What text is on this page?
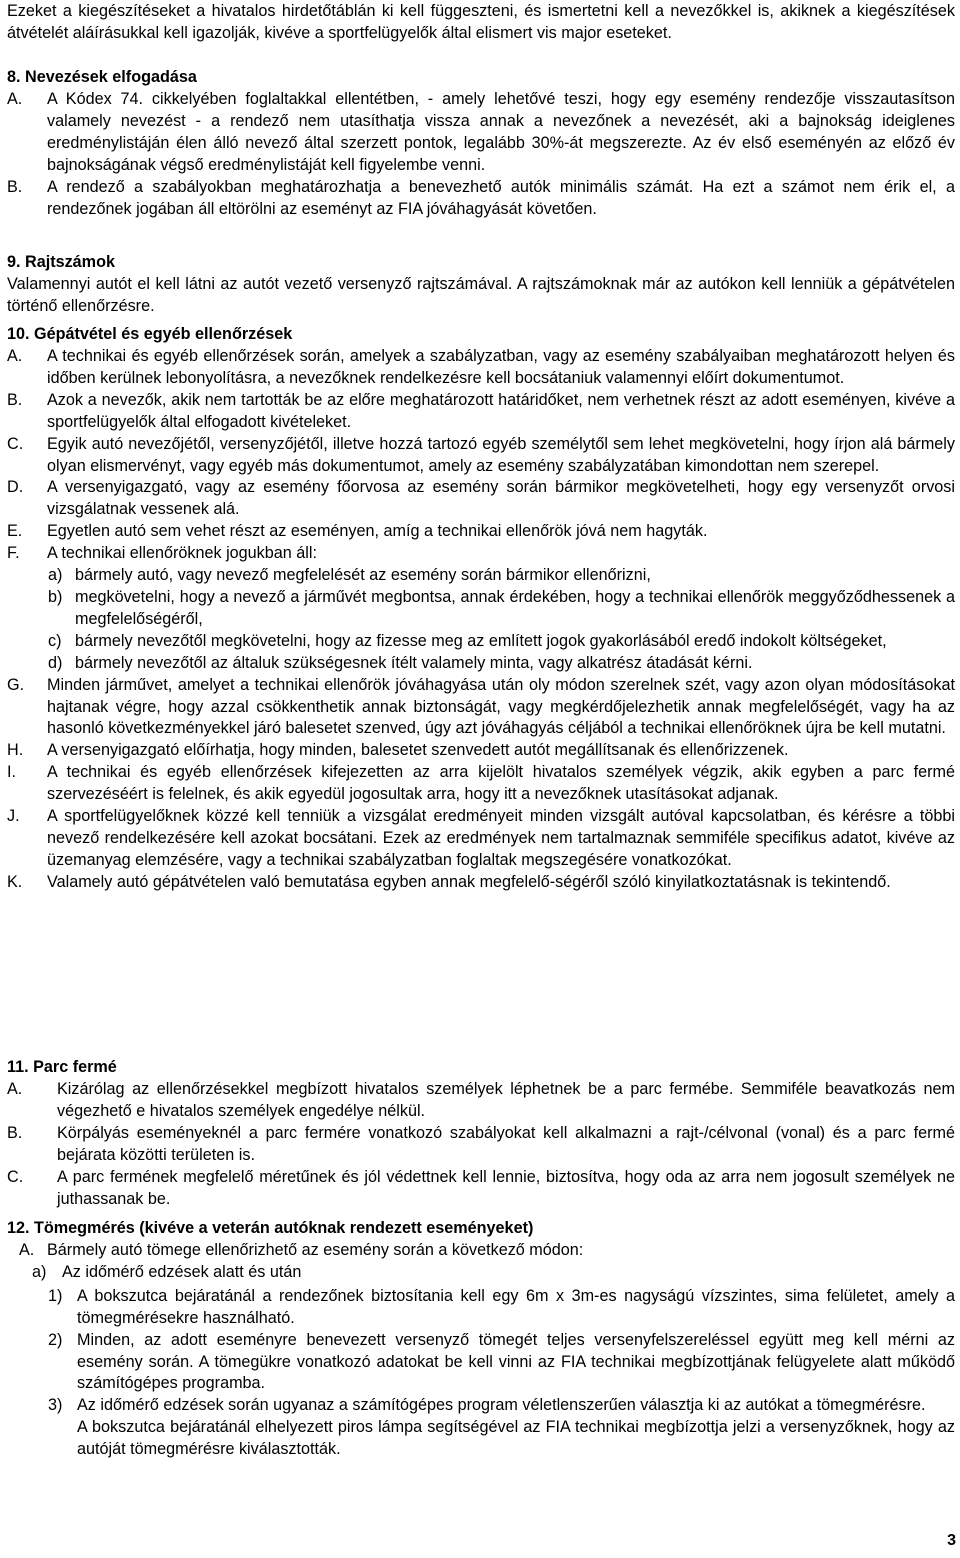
Ezeket a kiegészítéseket a hivatalos hirdetőtáblán ki kell függeszteni, és ismertetni kell a nevezőkkel is, akiknek a kiegészítések átvételét aláírásukkal kell igazolják, kivéve a sportfelügyelők által elismert vis major eseteket.
8. Nevezések elfogadása
A. A Kódex 74. cikkelyében foglaltakkal ellentétben, - amely lehetővé teszi, hogy egy esemény rendezője visszautasítson valamely nevezést - a rendező nem utasíthatja vissza annak a nevezőnek a nevezését, aki a bajnokság ideiglenes eredménylistáján élen álló nevező által szerzett pontok, legalább 30%-át megszerezte. Az év első eseményén az előző év bajnokságának végső eredménylistáját kell figyelembe venni.
B. A rendező a szabályokban meghatározhatja a benevezhető autók minimális számát. Ha ezt a számot nem érik el, a rendezőnek jogában áll eltörölni az eseményt az FIA jóváhagyását követően.
9. Rajtszámok
Valamennyi autót el kell látni az autót vezető versenyző rajtszámával. A rajtszámoknak már az autókon kell lenniük a gépátvételen történő ellenőrzésre.
10. Gépátvétel és egyéb ellenőrzések
A. A technikai és egyéb ellenőrzések során, amelyek a szabályzatban, vagy az esemény szabályaiban meghatározott helyen és időben kerülnek lebonyolításra, a nevezőknek rendelkezésre kell bocsátaniuk valamennyi előírt dokumentumot.
B. Azok a nevezők, akik nem tartották be az előre meghatározott határidőket, nem verhetnek részt az adott eseményen, kivéve a sportfelügyelők által elfogadott kivételeket.
C. Egyik autó nevezőjétől, versenyzőjétől, illetve hozzá tartozó egyéb személytől sem lehet megkövetelni, hogy írjon alá bármely olyan elismervényt, vagy egyéb más dokumentumot, amely az esemény szabályzatában kimondottan nem szerepel.
D. A versenyigazgató, vagy az esemény főorvosa az esemény során bármikor megkövetelheti, hogy egy versenyzőt orvosi vizsgálatnak vessenek alá.
E. Egyetlen autó sem vehet részt az eseményen, amíg a technikai ellenőrök jóvá nem hagyták.
F. A technikai ellenőröknek jogukban áll:
a) bármely autó, vagy nevező megfelelését az esemény során bármikor ellenőrizni,
b) megkövetelni, hogy a nevező a járművét megbontsa, annak érdekében, hogy a technikai ellenőrök meggyőződhessenek a megfelelőségéről,
c) bármely nevezőtől megkövetelni, hogy az fizesse meg az említett jogok gyakorlásából eredő indokolt költségeket,
d) bármely nevezőtől az általuk szükségesnek ítélt valamely minta, vagy alkatrész átadását kérni.
G. Minden járművet, amelyet a technikai ellenőrök jóváhagyása után oly módon szerelnek szét, vagy azon olyan módosításokat hajtanak végre, hogy azzal csökkenthetik annak biztonságát, vagy megkérdőjelezhetik annak megfelelőségét, vagy ha az hasonló következményekkel járó balesetet szenved, úgy azt jóváhagyás céljából a technikai ellenőröknek újra be kell mutatni.
H. A versenyigazgató előírhatja, hogy minden, balesetet szenvedett autót megállítsanak és ellenőrizzenek.
I. A technikai és egyéb ellenőrzések kifejezetten az arra kijelölt hivatalos személyek végzik, akik egyben a parc fermé szervezéséért is felelnek, és akik egyedül jogosultak arra, hogy itt a nevezőknek utasításokat adjanak.
J. A sportfelügyelőknek közzé kell tenniük a vizsgálat eredményeit minden vizsgált autóval kapcsolatban, és kérésre a többi nevező rendelkezésére kell azokat bocsátani. Ezek az eredmények nem tartalmaznak semmiféle specifikus adatot, kivéve az üzemanyag elemzésére, vagy a technikai szabályzatban foglaltak megszegésére vonatkozókat.
K. Valamely autó gépátvételen való bemutatása egyben annak megfelelő-ségéről szóló kinyilatkoztatásnak is tekintendő.
11. Parc fermé
A. Kizárólag az ellenőrzésekkel megbízott hivatalos személyek léphetnek be a parc fermébe. Semmiféle beavatkozás nem végezhető e hivatalos személyek engedélye nélkül.
B. Körpályás eseményeknél a parc fermére vonatkozó szabályokat kell alkalmazni a rajt-/célvonal (vonal) és a parc fermé bejárata közötti területen is.
C. A parc fermének megfelelő méretűnek és jól védettnek kell lennie, biztosítva, hogy oda az arra nem jogosult személyek ne juthassanak be.
12. Tömegmérés (kivéve a veterán autóknak rendezett eseményeket)
A. Bármely autó tömege ellenőrizhető az esemény során a következő módon:
a) Az időmérő edzések alatt és után
1) A bokszutca bejáratánál a rendezőnek biztosítania kell egy 6m x 3m-es nagyságú vízszintes, sima felületet, amely a tömegmérésekre használható.
2) Minden, az adott eseményre benevezett versenyző tömegét teljes versenyfelszereléssel együtt meg kell mérni az esemény során. A tömegükre vonatkozó adatokat be kell vinni az FIA technikai megbízottjának felügyelete alatt működő számítógépes programba.
3) Az időmérő edzések során ugyanaz a számítógépes program véletlenszerűen választja ki az autókat a tömegmérésre.
A bokszutca bejáratánál elhelyezett piros lámpa segítségével az FIA technikai megbízottja jelzi a versenyzőknek, hogy az autóját tömegmérésre kiválasztották.
3
